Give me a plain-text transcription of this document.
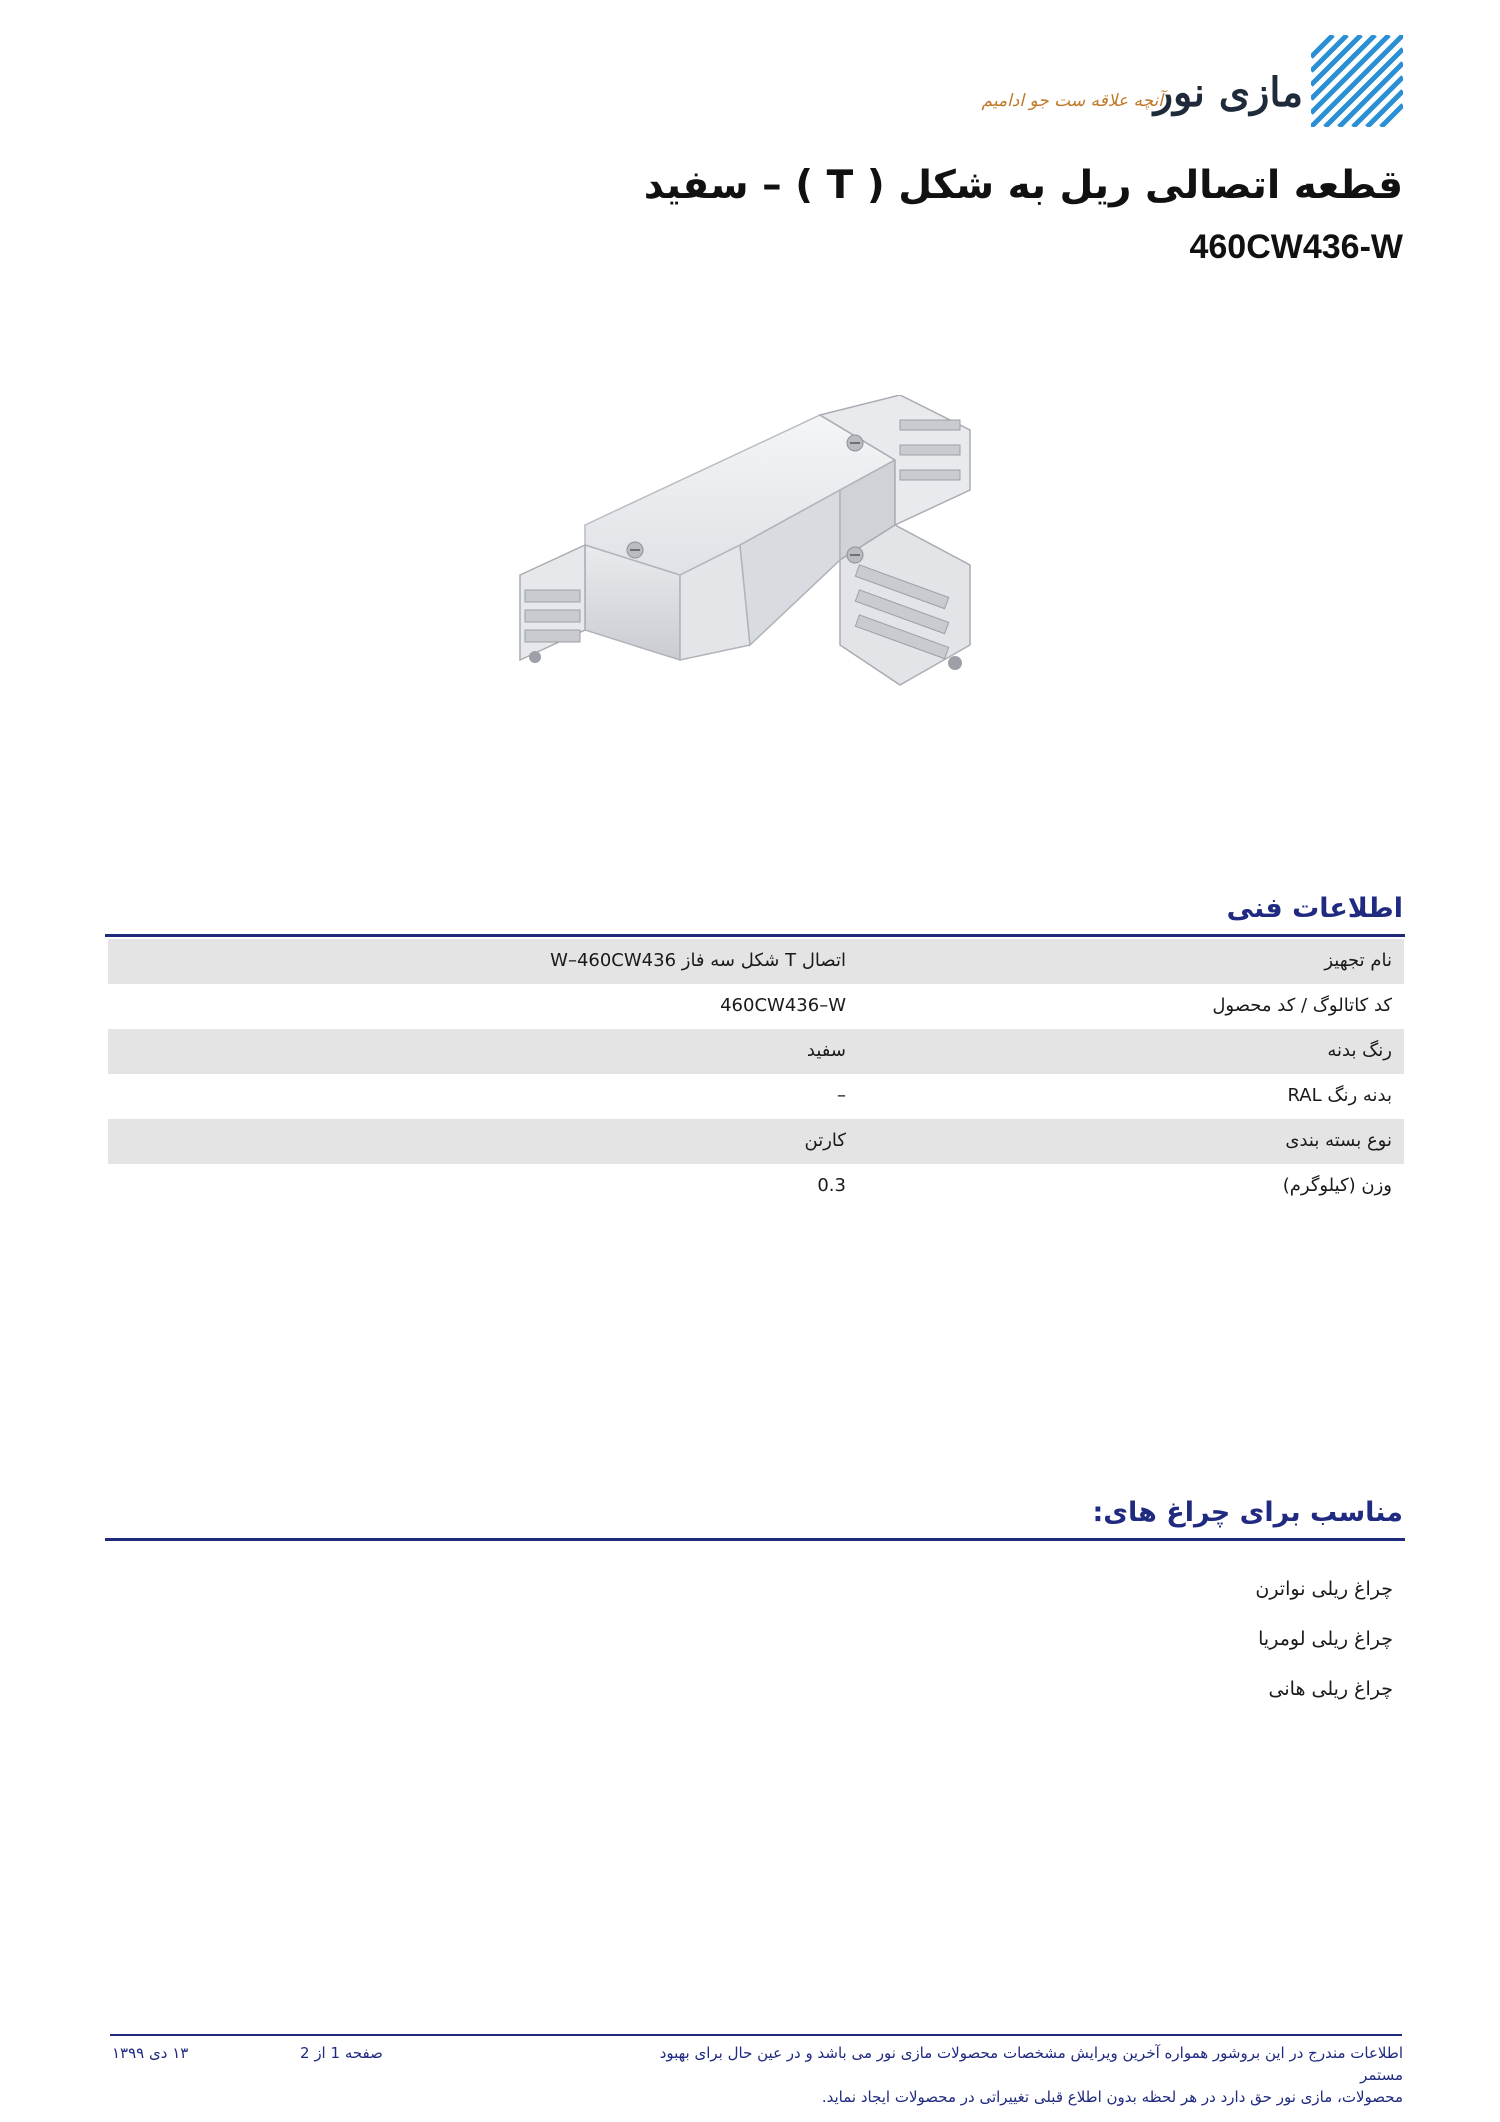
مازی نور
آنچه علاقه ست جو ادامیم
قطعه اتصالی ریل به شکل ( T ) – سفید
460CW436-W
اطلاعات فنی
نام تجهیز
اتصال T شکل سه فاز W–460CW436
کد کاتالوگ / کد محصول
460CW436–W
رنگ بدنه
سفید
بدنه رنگ RAL
–
نوع بسته بندی
کارتن
وزن (کیلوگرم)
0.3
مناسب برای چراغ های:
چراغ ریلی نواترن
چراغ ریلی لومریا
چراغ ریلی هانی
اطلاعات مندرج در این بروشور همواره آخرین ویرایش مشخصات محصولات مازی نور می باشد و در عین حال برای بهبود مستمر
محصولات، مازی نور حق دارد در هر لحظه بدون اطلاع قبلی تغییراتی در محصولات ایجاد نماید.
صفحه 1 از 2
۱۳ دی ۱۳۹۹
